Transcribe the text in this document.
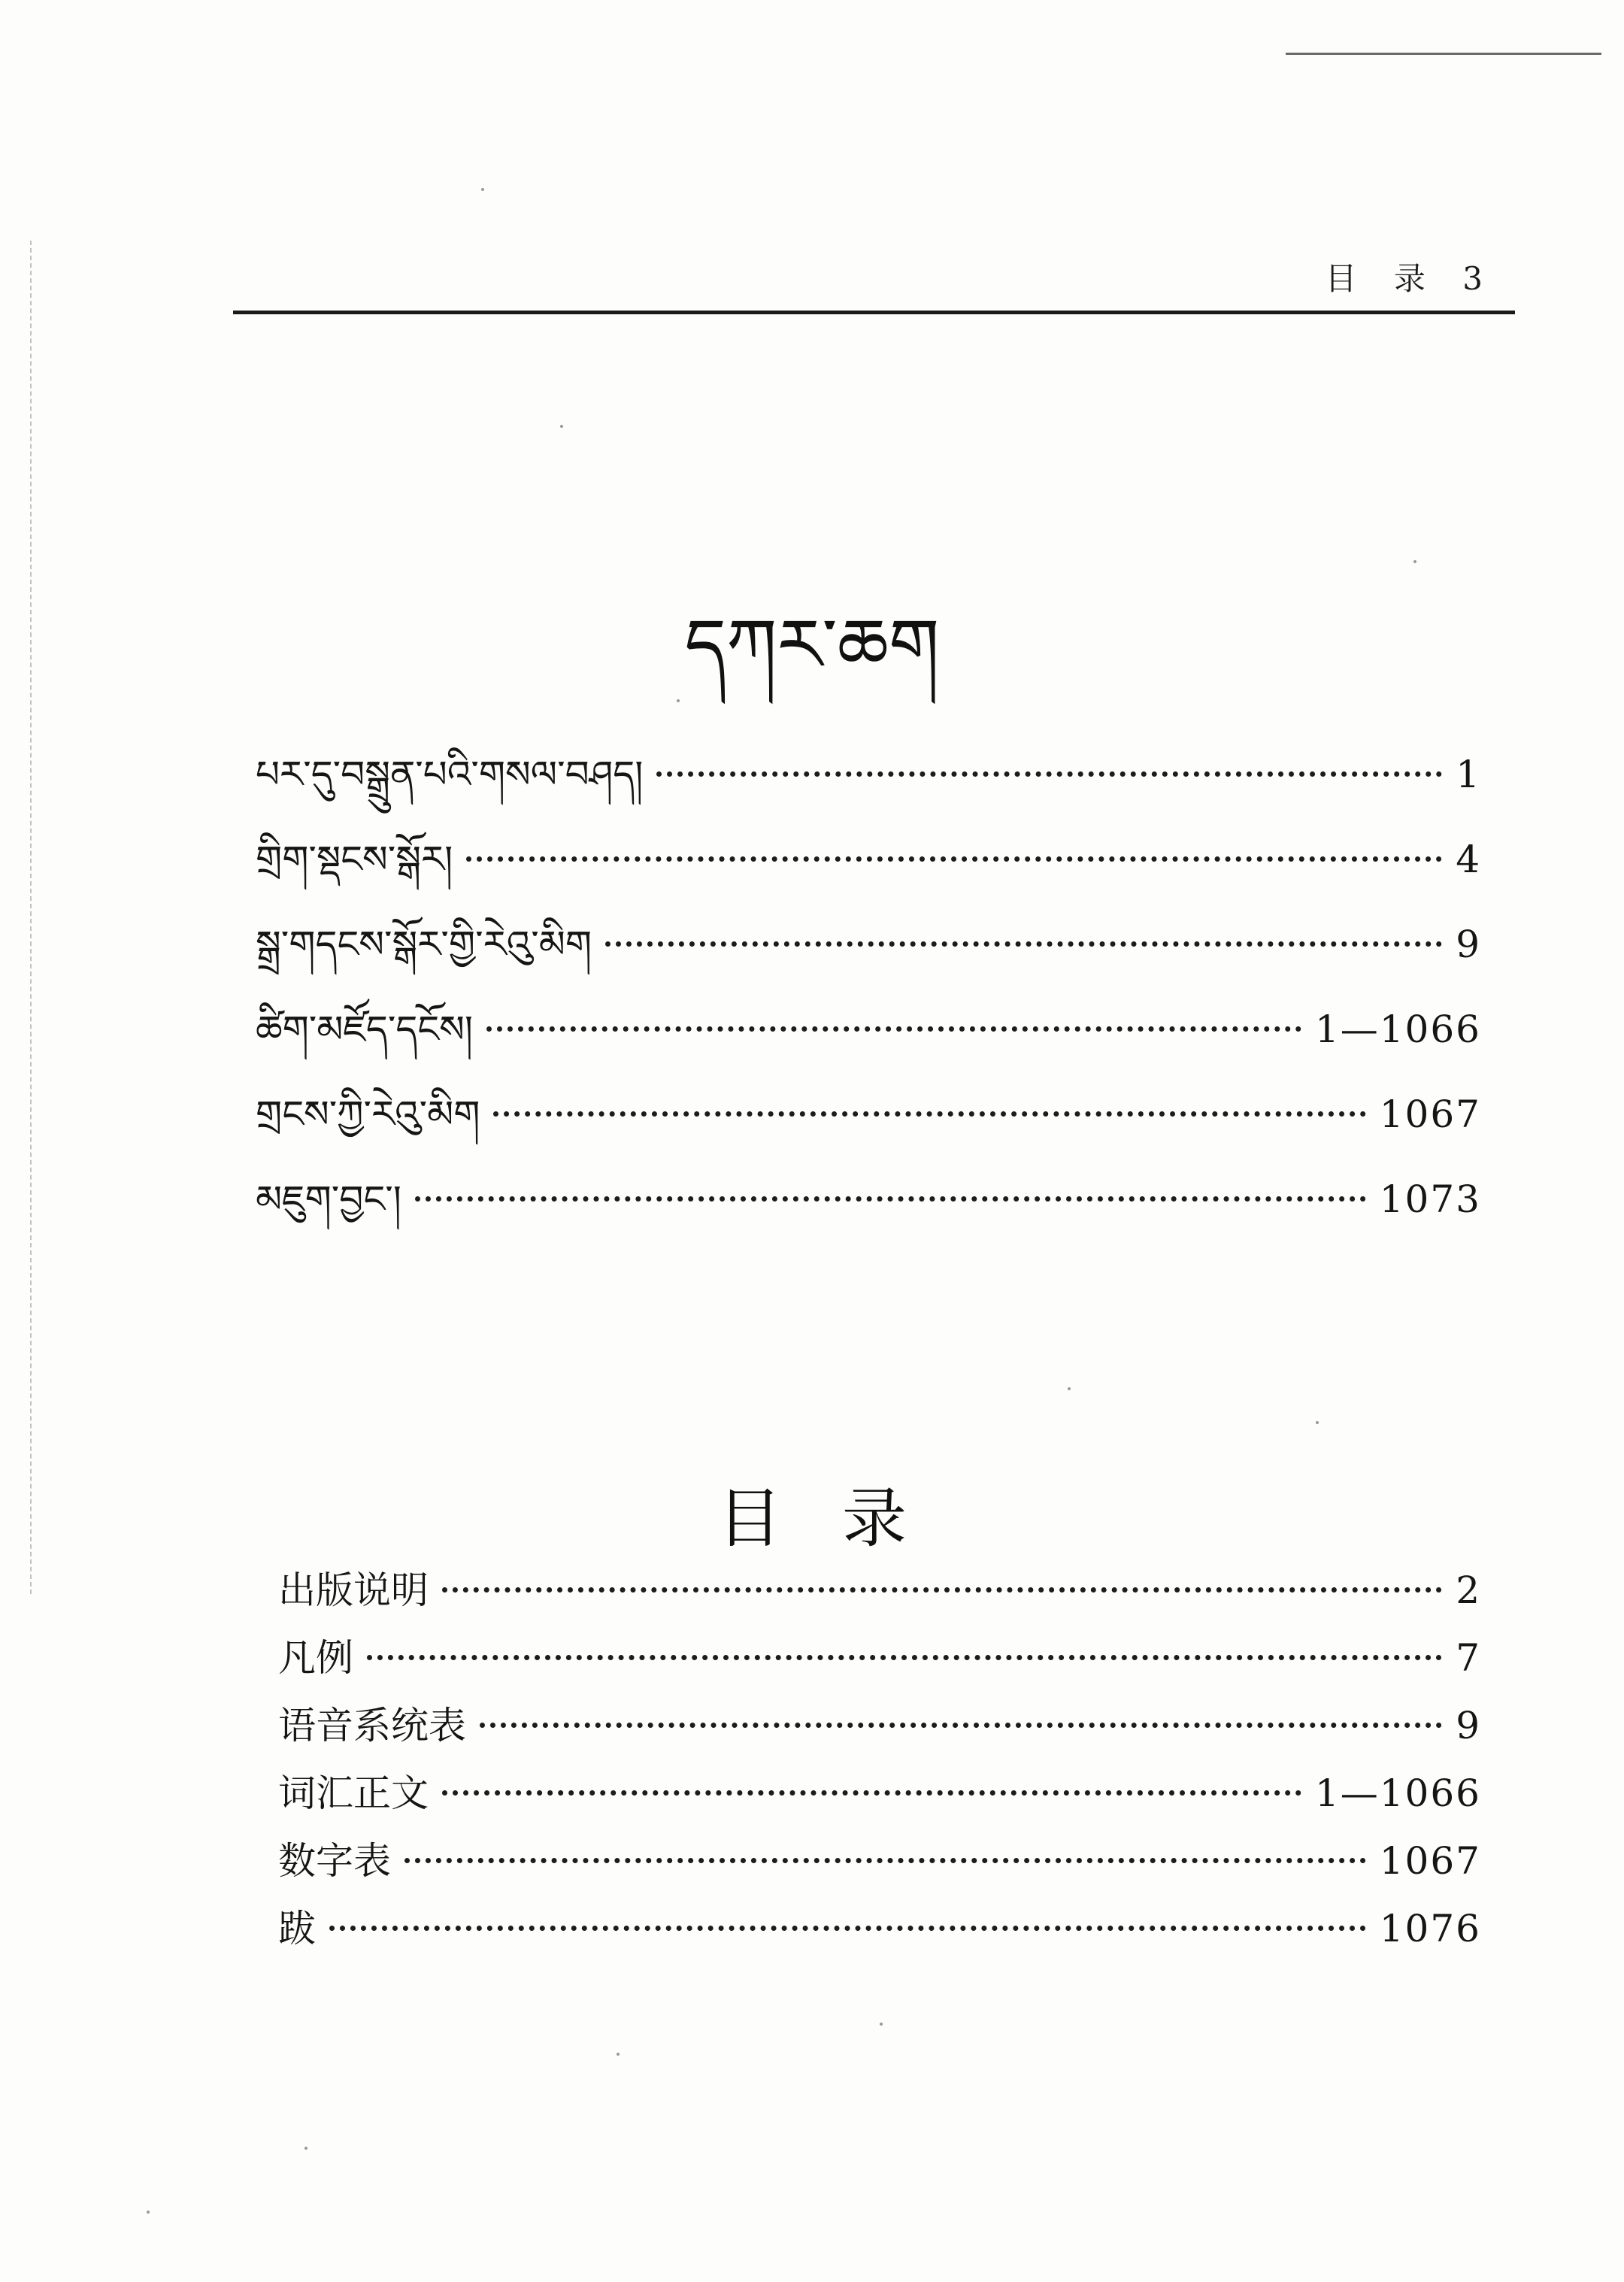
目 录 3
དཀར་ཆག
པར་དུ་བསྒྲུན་པའི་གསལ་བཤད།	1
གྲིག་སྡངས་སྒོར།	4
སྒྲ་གདངས་སྒོར་གྱི་རེའུ་མིག	9
ཚིག་མཛོད་དངོས།	1—1066
གྲངས་ཀྱི་རེའུ་མིག	1067
མཇུག་བྱང་།	1073
目录
出版说明	2
凡例	7
语音系统表	9
词汇正文	1—1066
数字表	1067
跋	1076
